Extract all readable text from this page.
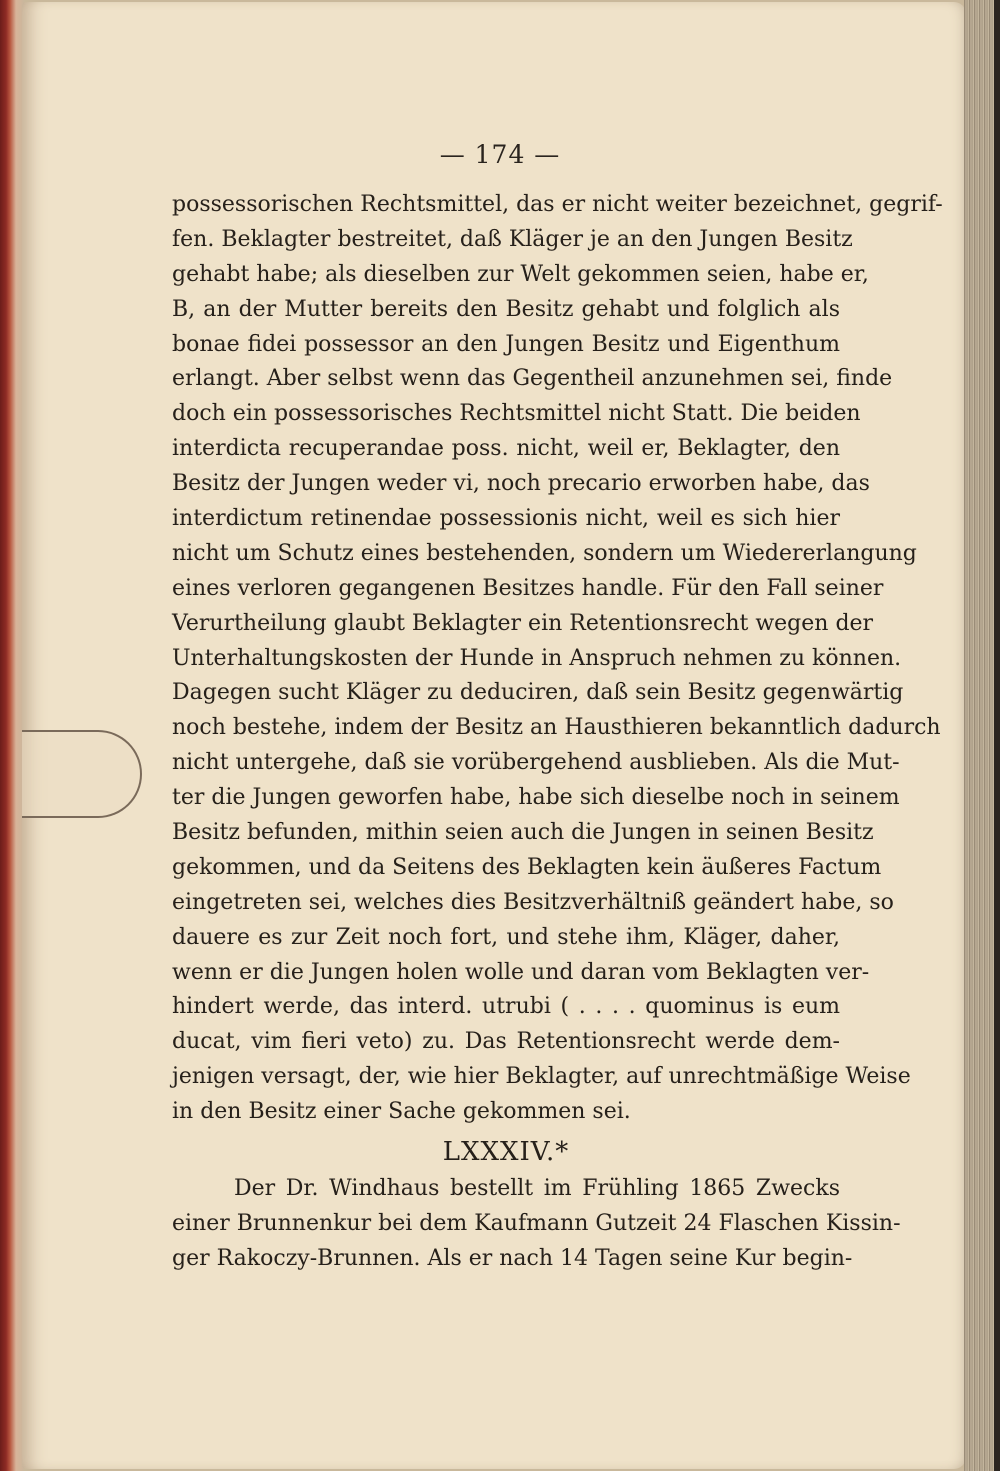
— 174 —
possessorischen Rechtsmittel, das er nicht weiter bezeichnet, gegrif-
fen. Beklagter bestreitet, daß Kläger je an den Jungen Besitz
gehabt habe; als dieselben zur Welt gekommen seien, habe er,
B, an der Mutter bereits den Besitz gehabt und folglich als
bonae fidei possessor an den Jungen Besitz und Eigenthum
erlangt. Aber selbst wenn das Gegentheil anzunehmen sei, finde
doch ein possessorisches Rechtsmittel nicht Statt. Die beiden
interdicta recuperandae poss. nicht, weil er, Beklagter, den
Besitz der Jungen weder vi, noch precario erworben habe, das
interdictum retinendae possessionis nicht, weil es sich hier
nicht um Schutz eines bestehenden, sondern um Wiedererlangung
eines verloren gegangenen Besitzes handle. Für den Fall seiner
Verurtheilung glaubt Beklagter ein Retentionsrecht wegen der
Unterhaltungskosten der Hunde in Anspruch nehmen zu können.
Dagegen sucht Kläger zu deduciren, daß sein Besitz gegenwärtig
noch bestehe, indem der Besitz an Hausthieren bekanntlich dadurch
nicht untergehe, daß sie vorübergehend ausblieben. Als die Mut-
ter die Jungen geworfen habe, habe sich dieselbe noch in seinem
Besitz befunden, mithin seien auch die Jungen in seinen Besitz
gekommen, und da Seitens des Beklagten kein äußeres Factum
eingetreten sei, welches dies Besitzverhältniß geändert habe, so
dauere es zur Zeit noch fort, und stehe ihm, Kläger, daher,
wenn er die Jungen holen wolle und daran vom Beklagten ver-
hindert werde, das interd. utrubi ( . . . . quominus is eum
ducat, vim fieri veto) zu. Das Retentionsrecht werde dem-
jenigen versagt, der, wie hier Beklagter, auf unrechtmäßige Weise
in den Besitz einer Sache gekommen sei.
LXXXIV.*
Der Dr. Windhaus bestellt im Frühling 1865 Zwecks
einer Brunnenkur bei dem Kaufmann Gutzeit 24 Flaschen Kissin-
ger Rakoczy-Brunnen. Als er nach 14 Tagen seine Kur begin-
